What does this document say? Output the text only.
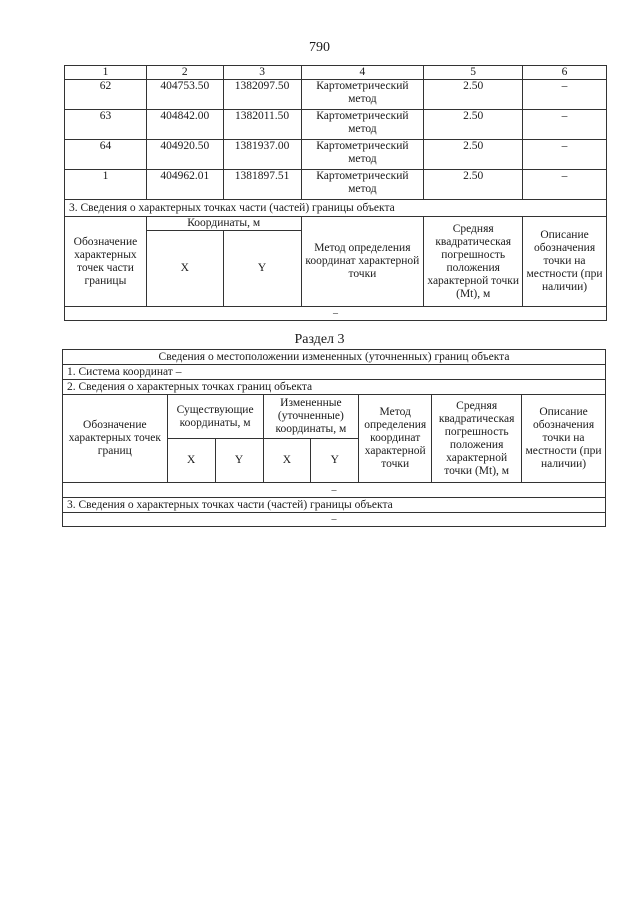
790
1	2	3	4	5	6
62	404753.50	1382097.50	Картометрический метод	2.50	–
63	404842.00	1382011.50	Картометрический метод	2.50	–
64	404920.50	1381937.00	Картометрический метод	2.50	–
1	404962.01	1381897.51	Картометрический метод	2.50	–
3. Сведения о характерных точках части (частей) границы объекта					
Обозначение характерных точек части границы	Координаты, м		Метод определения координат характерной точки	Средняя квадратическая погрешность положения характерной точки (Mt), м	Описание обозначения точки на местности (при наличии)
	X	Y			
–					
Раздел 3
Сведения о местоположении измененных (уточненных) границ объекта							
1. Система координат –							
2. Сведения о характерных точках границ объекта							
Обозначение характерных точек границ	Существующие координаты, м		Измененные (уточненные) координаты, м		Метод определения координат характерной точки	Средняя квадратическая погрешность положения характерной точки (Mt), м	Описание обозначения точки на местности (при наличии)
	X	Y	X	Y			
–							
3. Сведения о характерных точках части (частей) границы объекта							
–							
